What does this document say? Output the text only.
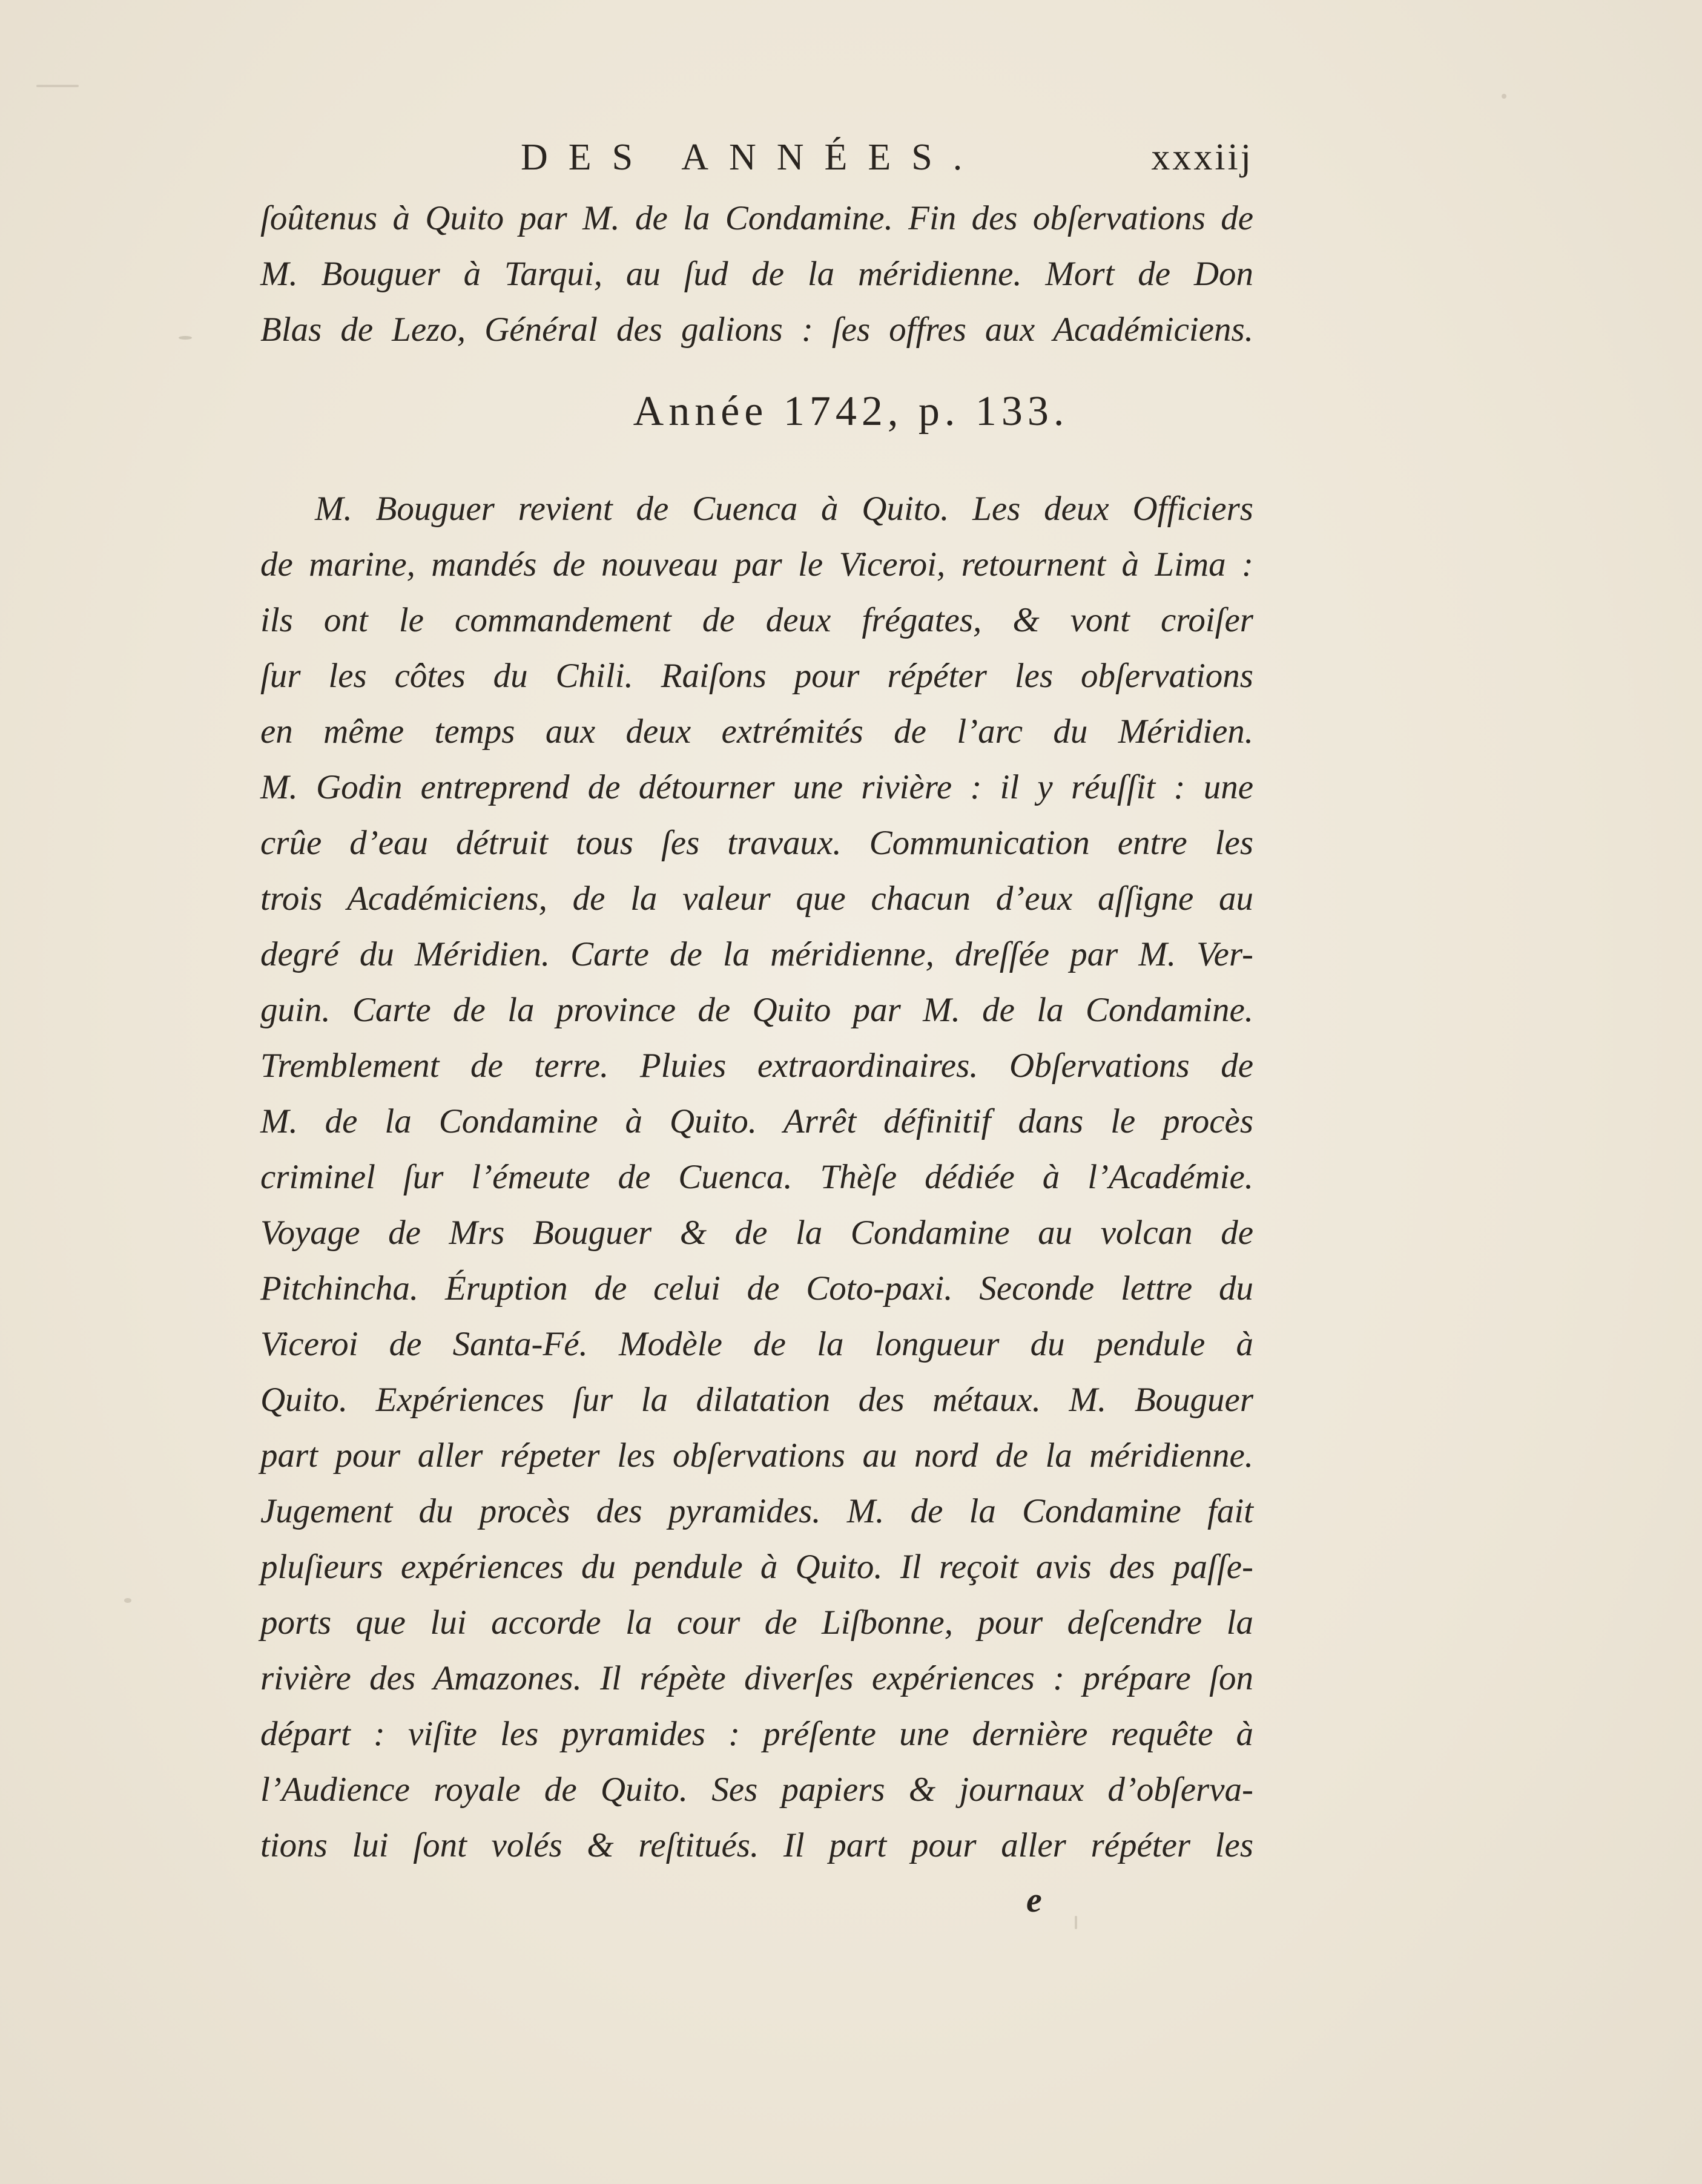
DES ANNÉES.	xxxiij
ſoûtenus à Quito par M. de la Condamine. Fin des obſervations de
M. Bouguer à Tarqui, au ſud de la méridienne. Mort de Don
Blas de Lezo, Général des galions : ſes offres aux Académiciens.
Année 1742, p. 133.
M. Bouguer revient de Cuenca à Quito. Les deux Officiers
de marine, mandés de nouveau par le Viceroi, retournent à Lima :
ils ont le commandement de deux frégates, & vont croiſer
ſur les côtes du Chili. Raiſons pour répéter les obſervations
en même temps aux deux extrémités de l’arc du Méridien.
M. Godin entreprend de détourner une rivière : il y réuſſit : une
crûe d’eau détruit tous ſes travaux. Communication entre les
trois Académiciens, de la valeur que chacun d’eux aſſigne au
degré du Méridien. Carte de la méridienne, dreſſée par M. Ver-
guin. Carte de la province de Quito par M. de la Condamine.
Tremblement de terre. Pluies extraordinaires. Obſervations de
M. de la Condamine à Quito. Arrêt définitif dans le procès
criminel ſur l’émeute de Cuenca. Thèſe dédiée à l’Académie.
Voyage de Mrs Bouguer & de la Condamine au volcan de
Pitchincha. Éruption de celui de Coto-paxi. Seconde lettre du
Viceroi de Santa-Fé. Modèle de la longueur du pendule à
Quito. Expériences ſur la dilatation des métaux. M. Bouguer
part pour aller répeter les obſervations au nord de la méridienne.
Jugement du procès des pyramides. M. de la Condamine fait
pluſieurs expériences du pendule à Quito. Il reçoit avis des paſſe-
ports que lui accorde la cour de Liſbonne, pour deſcendre la
rivière des Amazones. Il répète diverſes expériences : prépare ſon
départ : viſite les pyramides : préſente une dernière requête à
l’Audience royale de Quito. Ses papiers & journaux d’obſerva-
tions lui ſont volés & reſtitués. Il part pour aller répéter les
e
